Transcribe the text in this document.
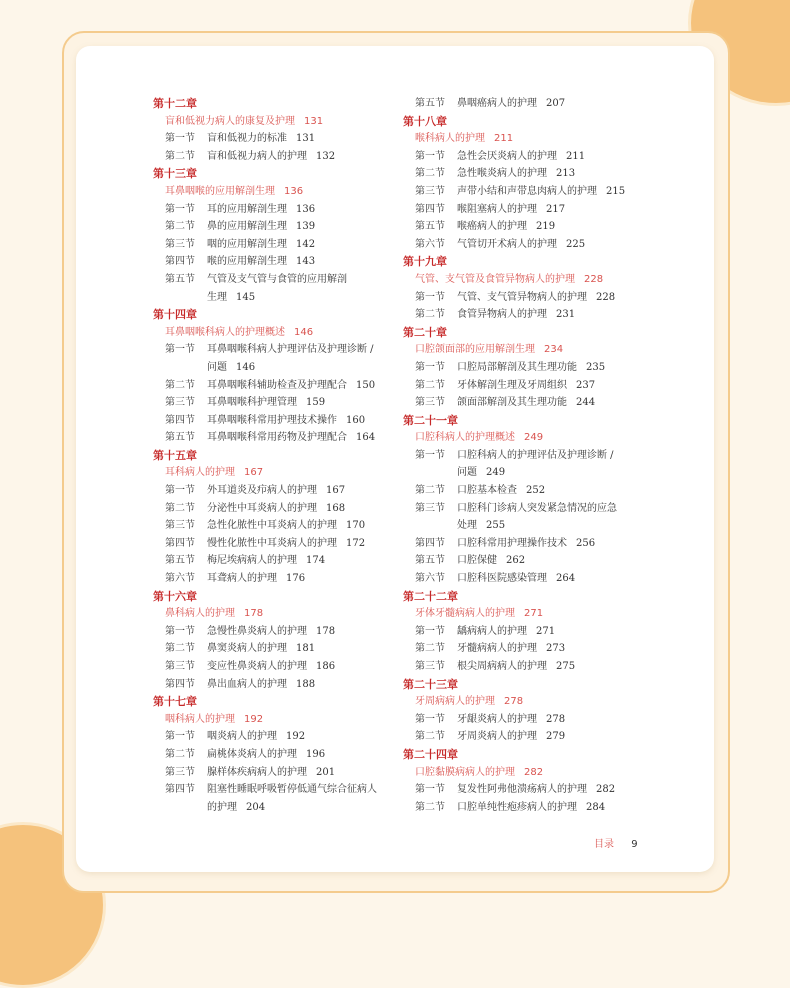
第十二章
盲和低视力病人的康复及护理 131
第一节 盲和低视力的标准 131
第二节 盲和低视力病人的护理 132
第十三章
耳鼻咽喉的应用解剖生理 136
第一节 耳的应用解剖生理 136
第二节 鼻的应用解剖生理 139
第三节 咽的应用解剖生理 142
第四节 喉的应用解剖生理 143
第五节 气管及支气管与食管的应用解剖
生理 145
第十四章
耳鼻咽喉科病人的护理概述 146
第一节 耳鼻咽喉科病人护理评估及护理诊断 /
问题 146
第二节 耳鼻咽喉科辅助检查及护理配合 150
第三节 耳鼻咽喉科护理管理 159
第四节 耳鼻咽喉科常用护理技术操作 160
第五节 耳鼻咽喉科常用药物及护理配合 164
第十五章
耳科病人的护理 167
第一节 外耳道炎及疖病人的护理 167
第二节 分泌性中耳炎病人的护理 168
第三节 急性化脓性中耳炎病人的护理 170
第四节 慢性化脓性中耳炎病人的护理 172
第五节 梅尼埃病病人的护理 174
第六节 耳聋病人的护理 176
第十六章
鼻科病人的护理 178
第一节 急慢性鼻炎病人的护理 178
第二节 鼻窦炎病人的护理 181
第三节 变应性鼻炎病人的护理 186
第四节 鼻出血病人的护理 188
第十七章
咽科病人的护理 192
第一节 咽炎病人的护理 192
第二节 扁桃体炎病人的护理 196
第三节 腺样体疾病病人的护理 201
第四节 阻塞性睡眠呼吸暂停低通气综合征病人
的护理 204
第五节 鼻咽癌病人的护理 207
第十八章
喉科病人的护理 211
第一节 急性会厌炎病人的护理 211
第二节 急性喉炎病人的护理 213
第三节 声带小结和声带息肉病人的护理 215
第四节 喉阻塞病人的护理 217
第五节 喉癌病人的护理 219
第六节 气管切开术病人的护理 225
第十九章
气管、支气管及食管异物病人的护理 228
第一节 气管、支气管异物病人的护理 228
第二节 食管异物病人的护理 231
第二十章
口腔颌面部的应用解剖生理 234
第一节 口腔局部解剖及其生理功能 235
第二节 牙体解剖生理及牙周组织 237
第三节 颌面部解剖及其生理功能 244
第二十一章
口腔科病人的护理概述 249
第一节 口腔科病人的护理评估及护理诊断 /
问题 249
第二节 口腔基本检查 252
第三节 口腔科门诊病人突发紧急情况的应急
处理 255
第四节 口腔科常用护理操作技术 256
第五节 口腔保健 262
第六节 口腔科医院感染管理 264
第二十二章
牙体牙髓病病人的护理 271
第一节 龋病病人的护理 271
第二节 牙髓病病人的护理 273
第三节 根尖周病病人的护理 275
第二十三章
牙周病病人的护理 278
第一节 牙龈炎病人的护理 278
第二节 牙周炎病人的护理 279
第二十四章
口腔黏膜病病人的护理 282
第一节 复发性阿弗他溃疡病人的护理 282
第二节 口腔单纯性疱疹病人的护理 284
目录 9
